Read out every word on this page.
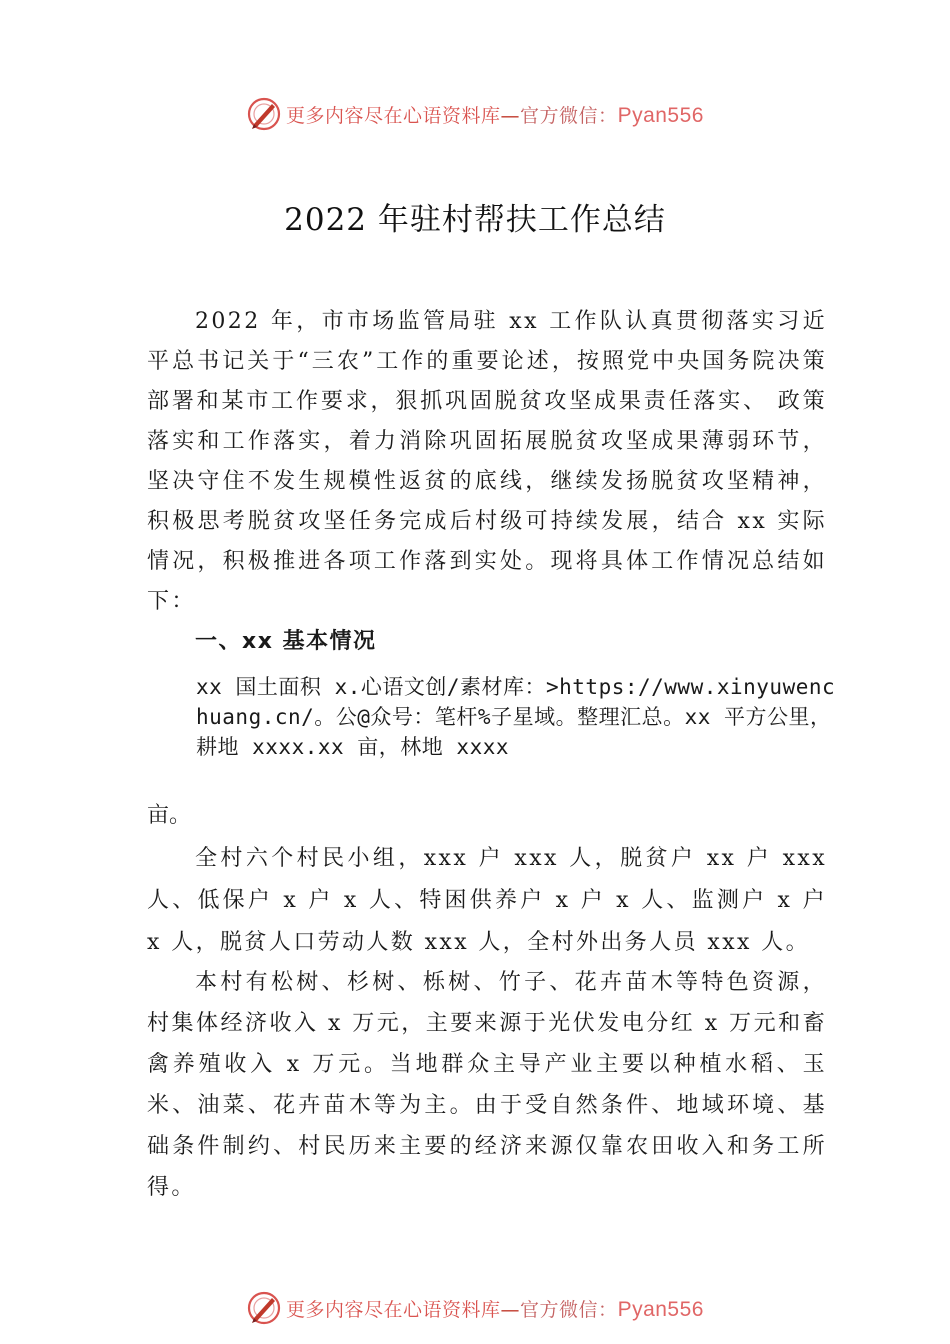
更多内容尽在心语资料库—官方微信：Pyan556
2022 年驻村帮扶工作总结

2022 年，市市场监管局驻 xx 工作队认真贯彻落实习近平总书记关于“三农”工作的重要论述，按照党中央国务院决策部署和某市工作要求，狠抓巩固脱贫攻坚成果责任落实、 政策落实和工作落实，着力消除巩固拓展脱贫攻坚成果薄弱环节，坚决守住不发生规模性返贫的底线，继续发扬脱贫攻坚精神，积极思考脱贫攻坚任务完成后村级可持续发展，结合 xx 实际情况，积极推进各项工作落到实处。现将具体工作情况总结如下：

一、xx 基本情况

xx 国土面积 x.心语文创/素材库：>https://www.xinyuwenchuang.cn/。公@众号：笔杆%子星域。整理汇总。xx 平方公里，耕地 xxxx.xx 亩，林地 xxxx

亩。

全村六个村民小组，xxx 户 xxx 人，脱贫户 xx 户 xxx 人、低保户 x 户 x 人、特困供养户 x 户 x 人、监测户 x 户 x 人，脱贫人口劳动人数 xxx 人，全村外出务人员 xxx 人。

本村有松树、杉树、栎树、竹子、花卉苗木等特色资源，村集体经济收入 x 万元，主要来源于光伏发电分红 x 万元和畜禽养殖收入 x 万元。当地群众主导产业主要以种植水稻、玉米、油菜、花卉苗木等为主。由于受自然条件、地域环境、基础条件制约、村民历来主要的经济来源仅靠农田收入和务工所得。

更多内容尽在心语资料库—官方微信：Pyan556
